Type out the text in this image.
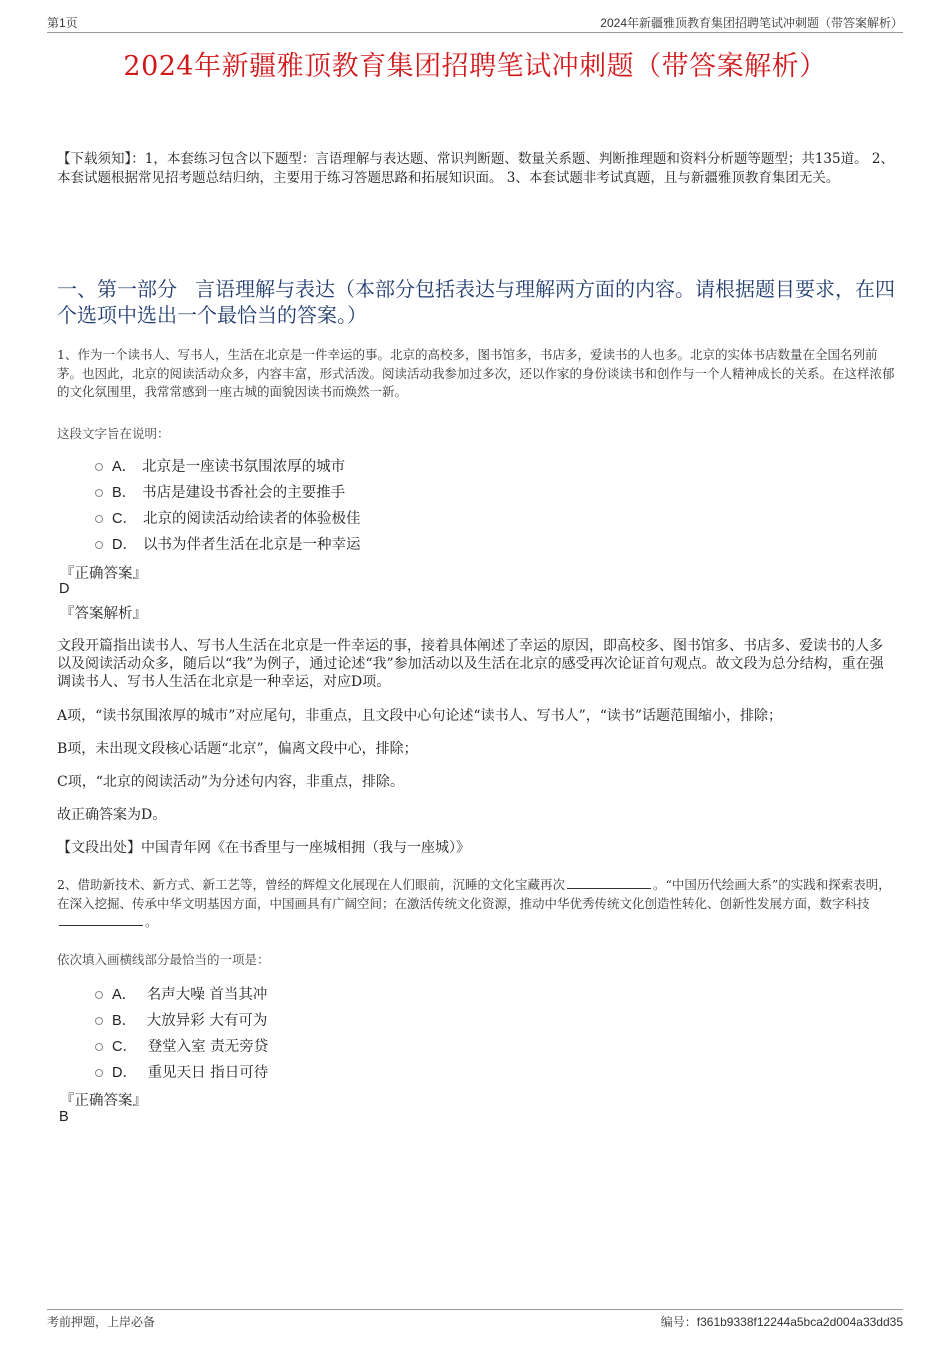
第1页	2024年新疆雅顶教育集团招聘笔试冲刺题（带答案解析）
2024年新疆雅顶教育集团招聘笔试冲刺题（带答案解析）
【下载须知】：1，本套练习包含以下题型：言语理解与表达题、常识判断题、数量关系题、判断推理题和资料分析题等题型；共135道。 2、本套试题根据常见招考题总结归纳，主要用于练习答题思路和拓展知识面。 3、本套试题非考试真题，且与新疆雅顶教育集团无关。
一、第一部分 言语理解与表达（本部分包括表达与理解两方面的内容。请根据题目要求，在四个选项中选出一个最恰当的答案。）
1、作为一个读书人、写书人，生活在北京是一件幸运的事。北京的高校多，图书馆多，书店多，爱读书的人也多。北京的实体书店数量在全国名列前茅。也因此，北京的阅读活动众多，内容丰富，形式活泼。阅读活动我参加过多次，还以作家的身份谈读书和创作与一个人精神成长的关系。在这样浓郁的文化氛围里，我常常感到一座古城的面貌因读书而焕然一新。
这段文字旨在说明：
A． 北京是一座读书氛围浓厚的城市
B． 书店是建设书香社会的主要推手
C． 北京的阅读活动给读者的体验极佳
D． 以书为伴者生活在北京是一种幸运
『正确答案』
D
『答案解析』
文段开篇指出读书人、写书人生活在北京是一件幸运的事，接着具体阐述了幸运的原因，即高校多、图书馆多、书店多、爱读书的人多以及阅读活动众多，随后以“我”为例子，通过论述“我”参加活动以及生活在北京的感受再次论证首句观点。故文段为总分结构，重在强调读书人、写书人生活在北京是一种幸运，对应D项。
A项，“读书氛围浓厚的城市”对应尾句，非重点，且文段中心句论述“读书人、写书人”，“读书”话题范围缩小，排除；
B项，未出现文段核心话题“北京”，偏离文段中心，排除；
C项，“北京的阅读活动”为分述句内容，非重点，排除。
故正确答案为D。
【文段出处】中国青年网《在书香里与一座城相拥（我与一座城）》
2、借助新技术、新方式、新工艺等，曾经的辉煌文化展现在人们眼前，沉睡的文化宝藏再次	。“中国历代绘画大系”的实践和探索表明，在深入挖掘、传承中华文明基因方面，中国画具有广阔空间；在激活传统文化资源，推动中华优秀传统文化创造性转化、创新性发展方面，数字科技。
依次填入画横线部分最恰当的一项是：
A． 名声大噪 首当其冲
B． 大放异彩 大有可为
C． 登堂入室 责无旁贷
D． 重见天日 指日可待
『正确答案』
B
考前押题，上岸必备	编号：f361b9338f12244a5bca2d004a33dd35
